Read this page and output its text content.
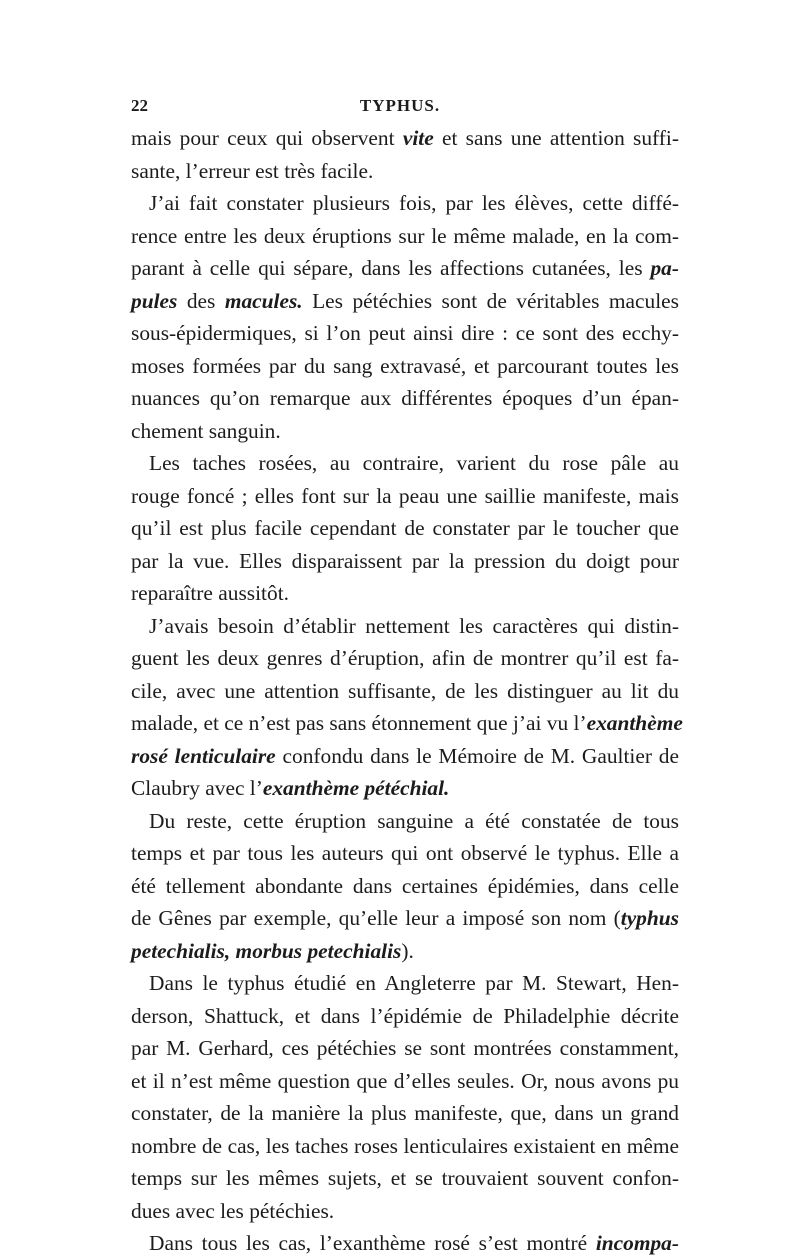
22	TYPHUS.
mais pour ceux qui observent vite et sans une attention suffi-
sante, l’erreur est très facile.
J’ai fait constater plusieurs fois, par les élèves, cette diffé-
rence entre les deux éruptions sur le même malade, en la com-
parant à celle qui sépare, dans les affections cutanées, les pa-
pules des macules. Les pétéchies sont de véritables macules
sous-épidermiques, si l’on peut ainsi dire : ce sont des ecchy-
moses formées par du sang extravasé, et parcourant toutes les
nuances qu’on remarque aux différentes époques d’un épan-
chement sanguin.
Les taches rosées, au contraire, varient du rose pâle au
rouge foncé ; elles font sur la peau une saillie manifeste, mais
qu’il est plus facile cependant de constater par le toucher que
par la vue. Elles disparaissent par la pression du doigt pour
reparaître aussitôt.
J’avais besoin d’établir nettement les caractères qui distin-
guent les deux genres d’éruption, afin de montrer qu’il est fa-
cile, avec une attention suffisante, de les distinguer au lit du
malade, et ce n’est pas sans étonnement que j’ai vu l’exanthème
rosé lenticulaire confondu dans le Mémoire de M. Gaultier de
Claubry avec l’exanthème pétéchial.
Du reste, cette éruption sanguine a été constatée de tous
temps et par tous les auteurs qui ont observé le typhus. Elle a
été tellement abondante dans certaines épidémies, dans celle
de Gênes par exemple, qu’elle leur a imposé son nom (typhus
petechialis, morbus petechialis).
Dans le typhus étudié en Angleterre par M. Stewart, Hen-
derson, Shattuck, et dans l’épidémie de Philadelphie décrite
par M. Gerhard, ces pétéchies se sont montrées constamment,
et il n’est même question que d’elles seules. Or, nous avons pu
constater, de la manière la plus manifeste, que, dans un grand
nombre de cas, les taches roses lenticulaires existaient en même
temps sur les mêmes sujets, et se trouvaient souvent confon-
dues avec les pétéchies.
Dans tous les cas, l’exanthème rosé s’est montré incompa-
